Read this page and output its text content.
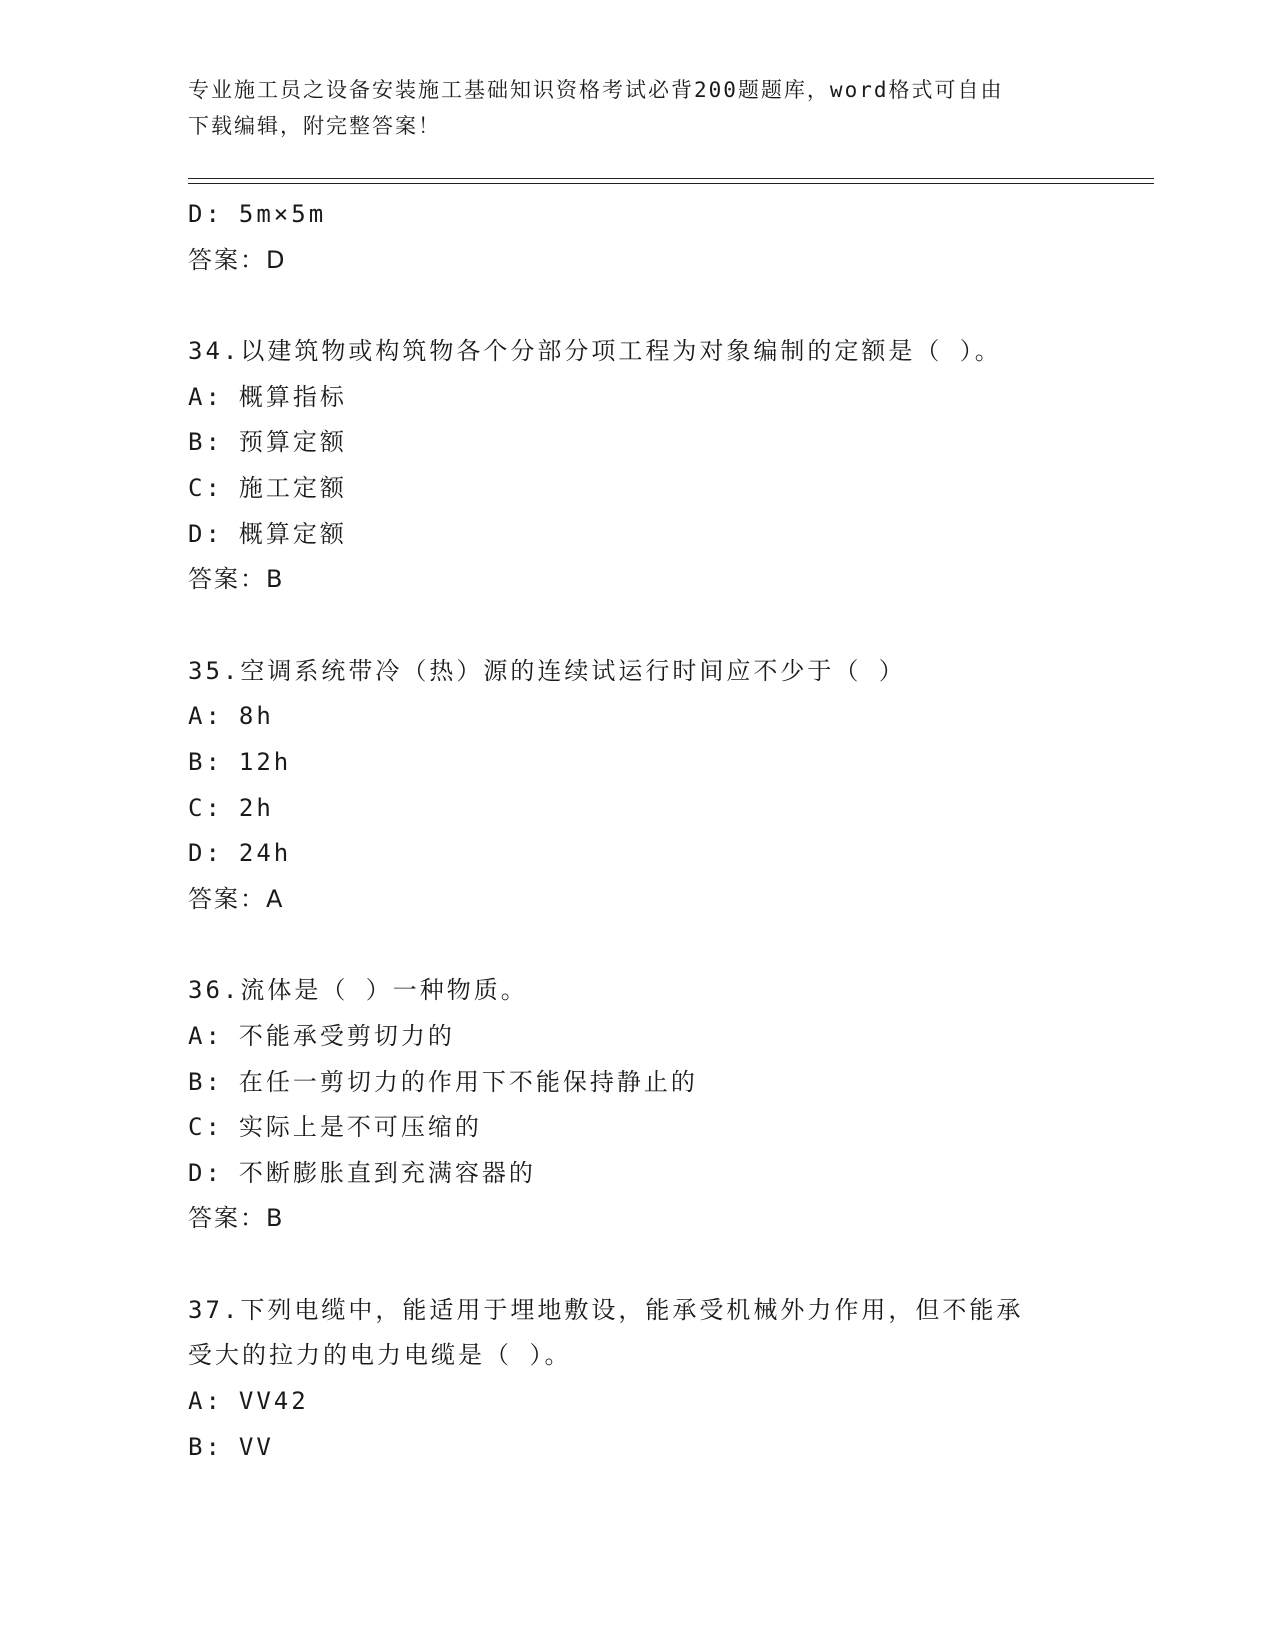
专业施工员之设备安装施工基础知识资格考试必背200题题库，word格式可自由
下载编辑，附完整答案！
D: 5m×5m
答案：D
34.以建筑物或构筑物各个分部分项工程为对象编制的定额是（ ）。
A: 概算指标
B: 预算定额
C: 施工定额
D: 概算定额
答案：B
35.空调系统带冷（热）源的连续试运行时间应不少于（ ）
A: 8h
B: 12h
C: 2h
D: 24h
答案：A
36.流体是（ ）一种物质。
A: 不能承受剪切力的
B: 在任一剪切力的作用下不能保持静止的
C: 实际上是不可压缩的
D: 不断膨胀直到充满容器的
答案：B
37.下列电缆中，能适用于埋地敷设，能承受机械外力作用，但不能承
受大的拉力的电力电缆是（ ）。
A: VV42
B: VV
